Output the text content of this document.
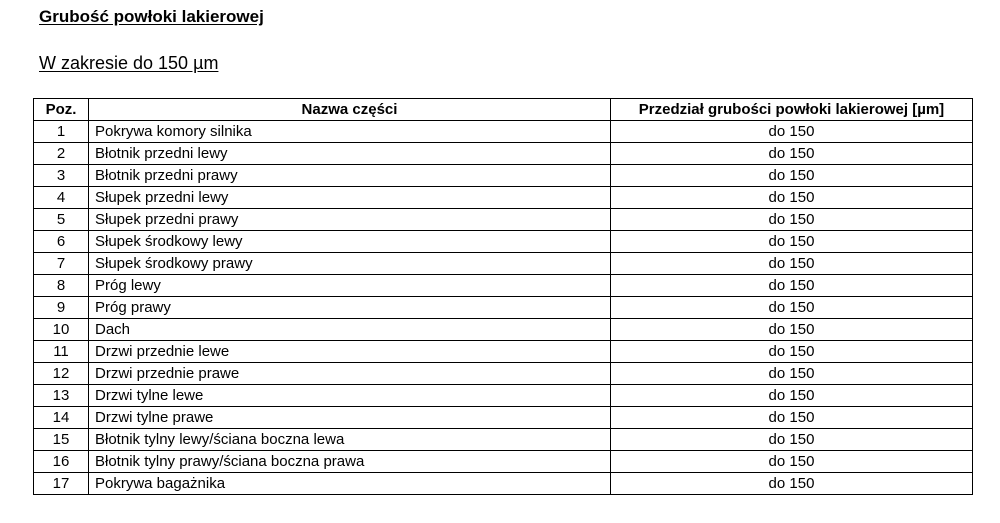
Grubość powłoki lakierowej
W zakresie do 150 µm
Poz.	Nazwa części	Przedział grubości powłoki lakierowej [µm]
1	Pokrywa komory silnika	do 150
2	Błotnik przedni lewy	do 150
3	Błotnik przedni prawy	do 150
4	Słupek przedni lewy	do 150
5	Słupek przedni prawy	do 150
6	Słupek środkowy lewy	do 150
7	Słupek środkowy prawy	do 150
8	Próg lewy	do 150
9	Próg prawy	do 150
10	Dach	do 150
11	Drzwi przednie lewe	do 150
12	Drzwi przednie prawe	do 150
13	Drzwi tylne lewe	do 150
14	Drzwi tylne prawe	do 150
15	Błotnik tylny lewy/ściana boczna lewa	do 150
16	Błotnik tylny prawy/ściana boczna prawa	do 150
17	Pokrywa bagażnika	do 150
